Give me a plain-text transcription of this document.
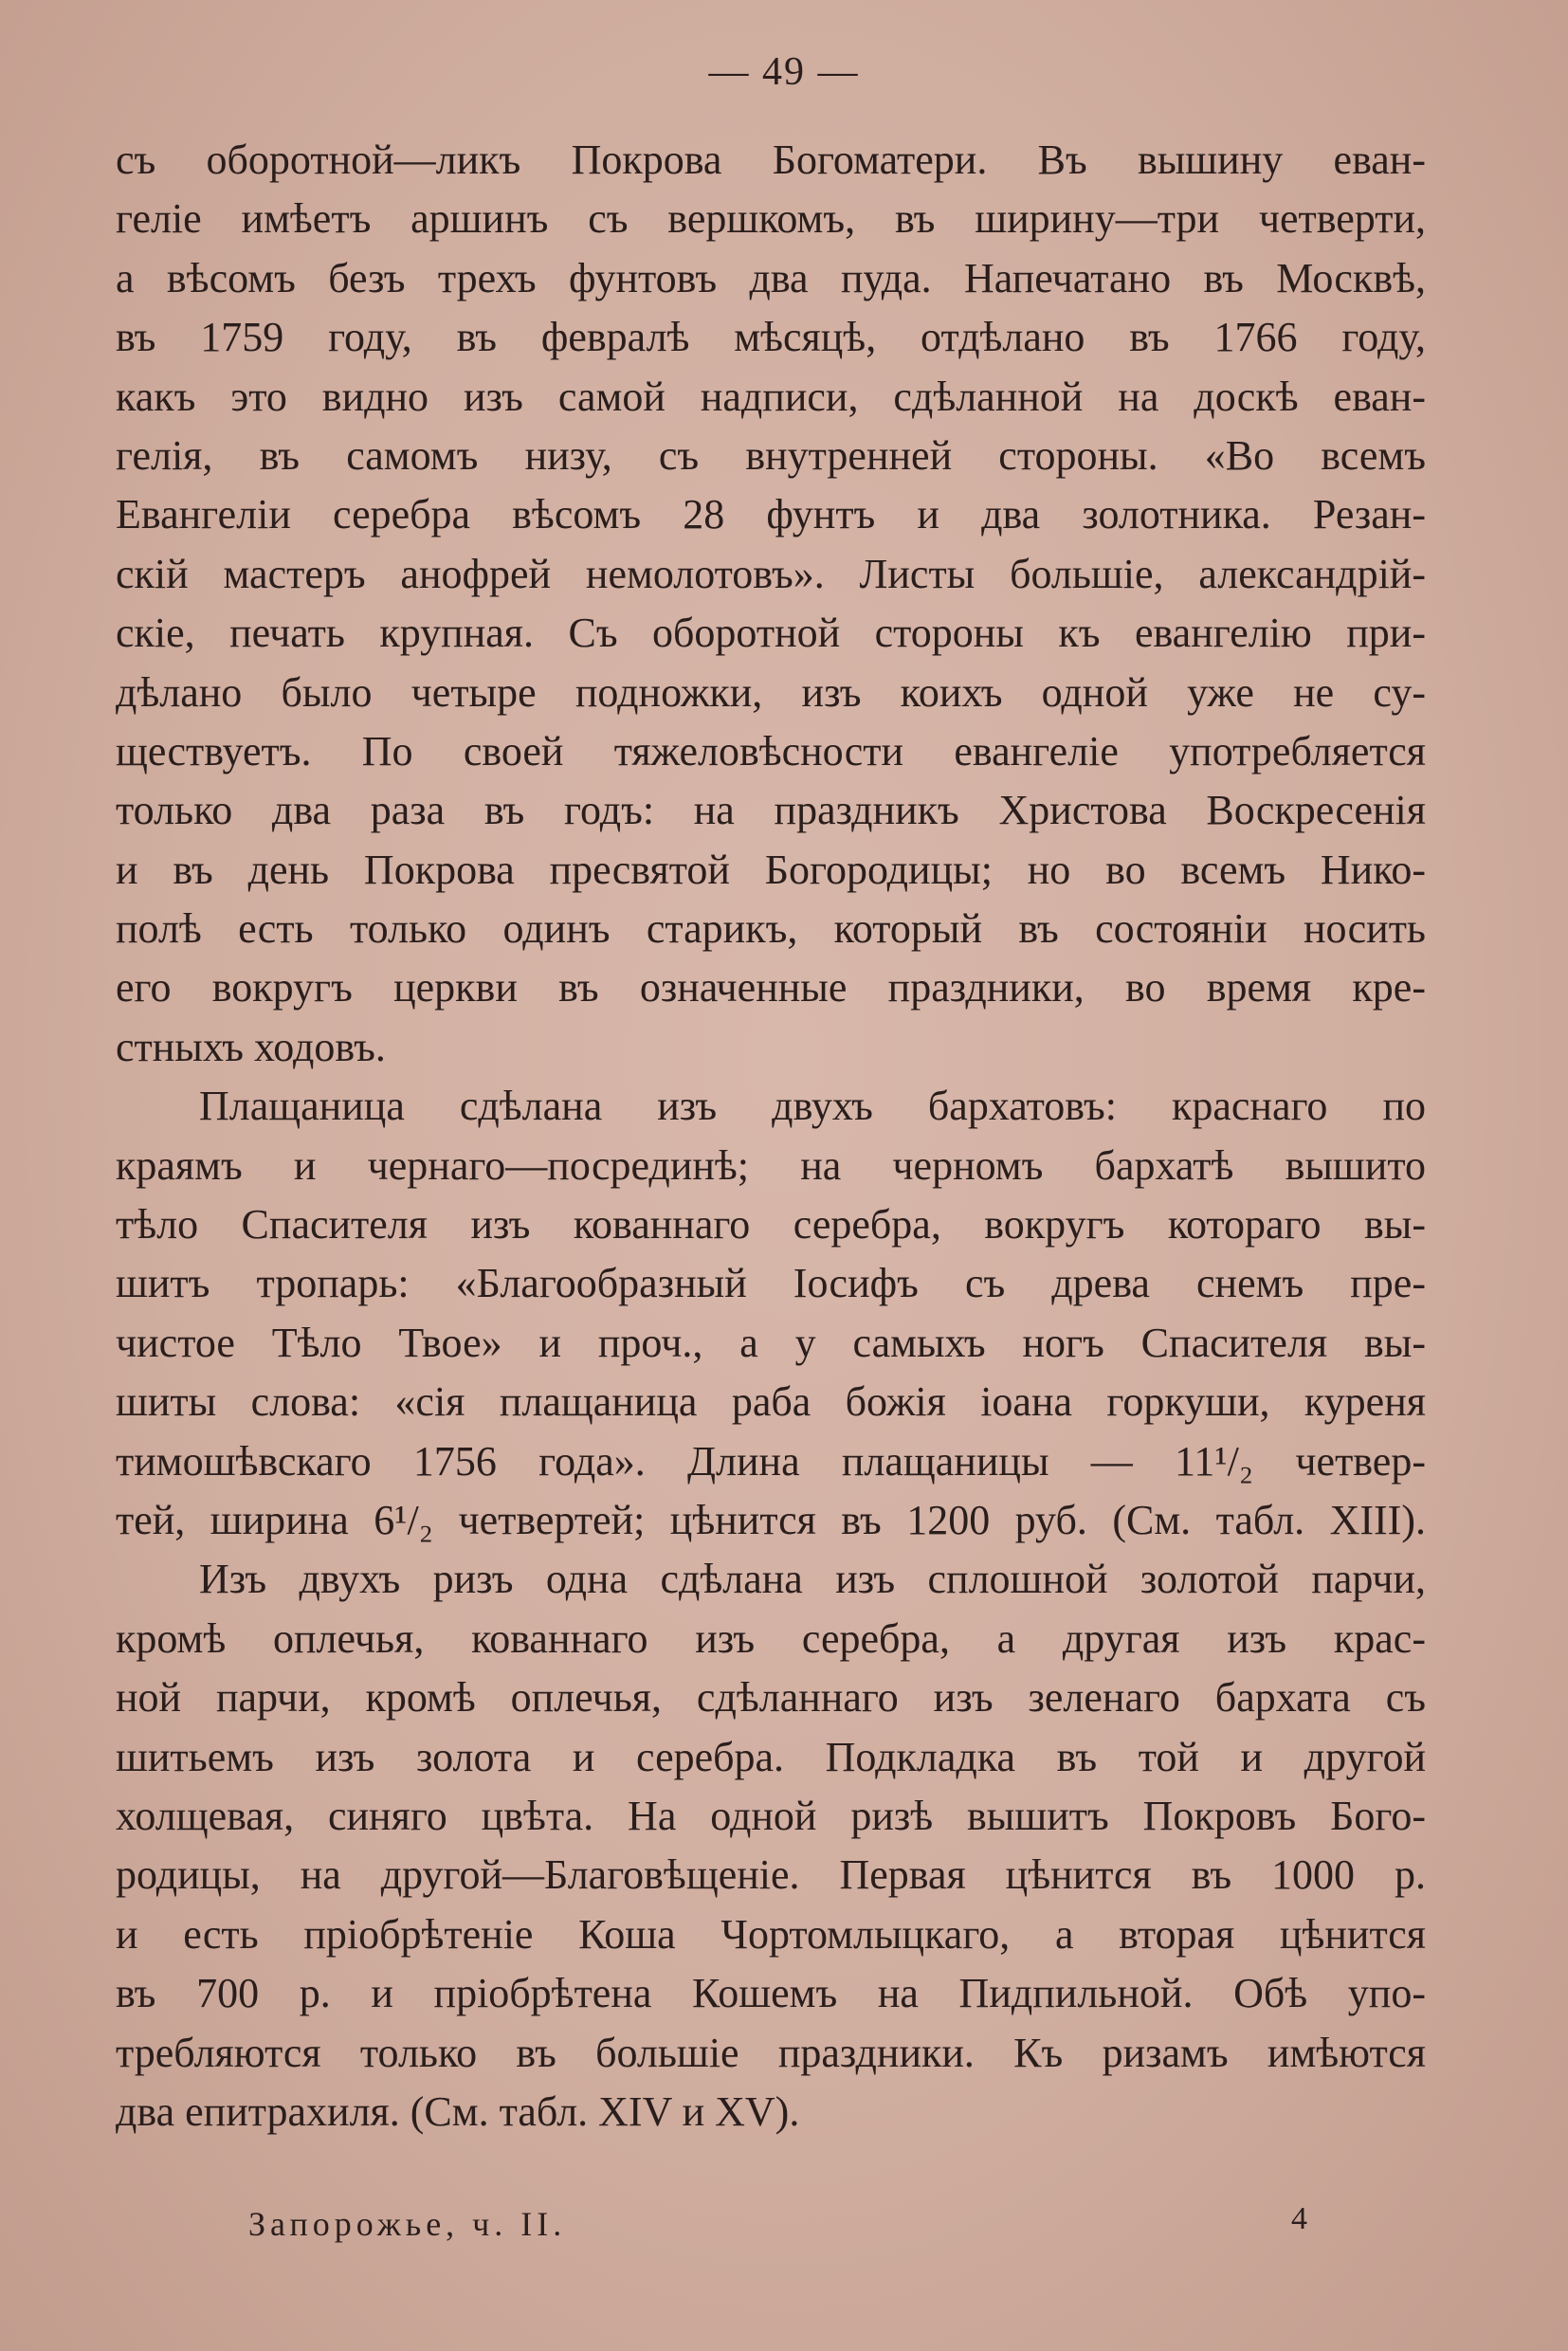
— 49 —
съ оборотной—ликъ Покрова Богоматери. Въ вышину еван-
геліе имѣетъ аршинъ съ вершкомъ, въ ширину—три четверти,
а вѣсомъ безъ трехъ фунтовъ два пуда. Напечатано въ Москвѣ,
въ 1759 году, въ февралѣ мѣсяцѣ, отдѣлано въ 1766 году,
какъ это видно изъ самой надписи, сдѣланной на доскѣ еван-
гелія, въ самомъ низу, съ внутренней стороны. «Во всемъ
Евангеліи серебра вѣсомъ 28 фунтъ и два золотника. Резан-
скій мастеръ анофрей немолотовъ». Листы большіе, александрій-
скіе, печать крупная. Съ оборотной стороны къ евангелію при-
дѣлано было четыре подножки, изъ коихъ одной уже не су-
ществуетъ. По своей тяжеловѣсности евангеліе употребляется
только два раза въ годъ: на праздникъ Христова Воскресенія
и въ день Покрова пресвятой Богородицы; но во всемъ Нико-
полѣ есть только одинъ старикъ, который въ состояніи носить
его вокругъ церкви въ означенные праздники, во время кре-
стныхъ ходовъ.
Плащаница сдѣлана изъ двухъ бархатовъ: краснаго по
краямъ и чернаго—посрединѣ; на черномъ бархатѣ вышито
тѣло Спасителя изъ кованнаго серебра, вокругъ котораго вы-
шитъ тропарь: «Благообразный Іосифъ съ древа снемъ пре-
чистое Тѣло Твое» и проч., а у самыхъ ногъ Спасителя вы-
шиты слова: «сія плащаница раба божія іоана горкуши, куреня
тимошѣвскаго 1756 года». Длина плащаницы — 11¹/₂ четвер-
тей, ширина 6¹/₂ четвертей; цѣнится въ 1200 руб. (См. табл. XIII).
Изъ двухъ ризъ одна сдѣлана изъ сплошной золотой парчи,
кромѣ оплечья, кованнаго изъ серебра, а другая изъ крас-
ной парчи, кромѣ оплечья, сдѣланнаго изъ зеленаго бархата съ
шитьемъ изъ золота и серебра. Подкладка въ той и другой
холщевая, синяго цвѣта. На одной ризѣ вышитъ Покровъ Бого-
родицы, на другой—Благовѣщеніе. Первая цѣнится въ 1000 р.
и есть пріобрѣтеніе Коша Чортомлыцкаго, а вторая цѣнится
въ 700 р. и пріобрѣтена Кошемъ на Пидпильной. Обѣ упо-
требляются только въ большіе праздники. Къ ризамъ имѣются
два епитрахиля. (См. табл. XIV и XV).
Запорожье, ч. II.	4
